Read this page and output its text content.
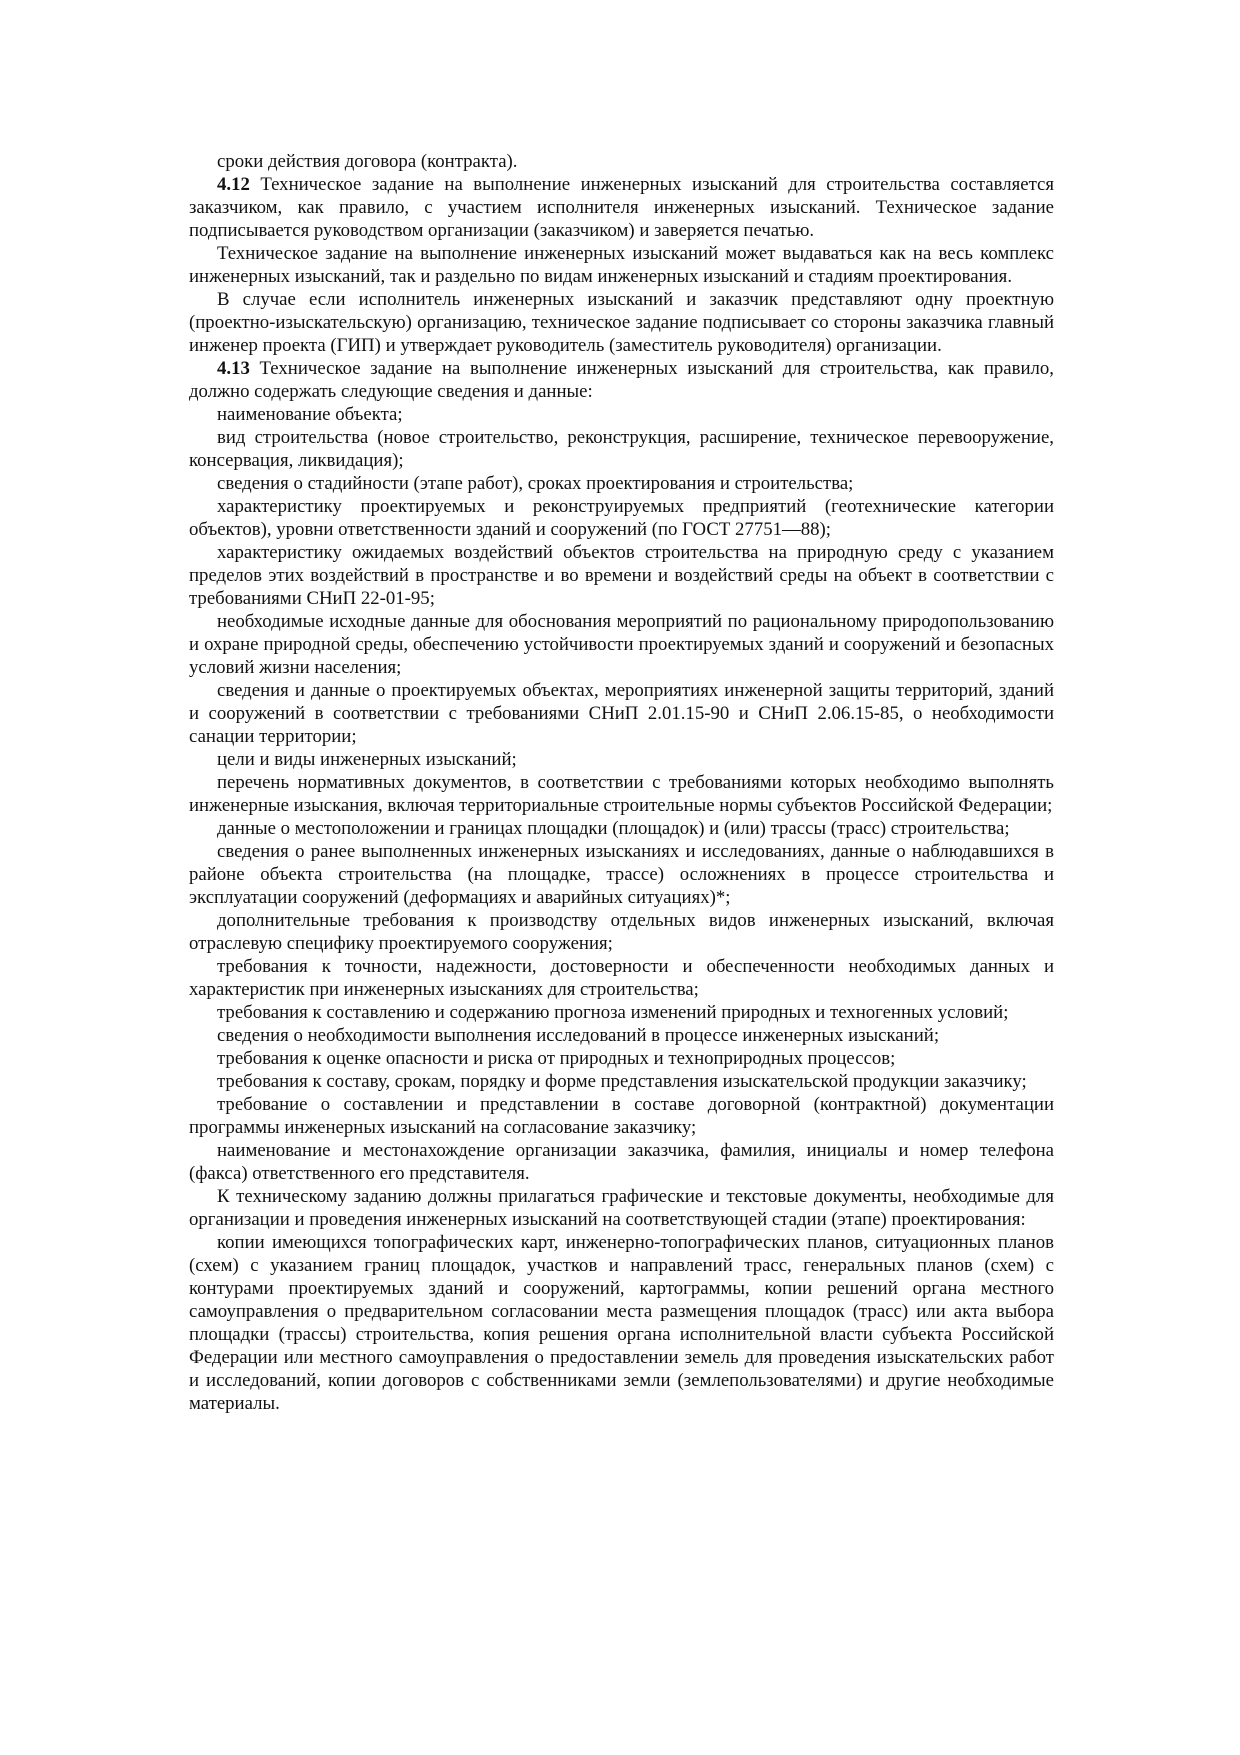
сроки действия договора (контракта).

4.12 Техническое задание на выполнение инженерных изысканий для строительства составляется заказчиком, как правило, с участием исполнителя инженерных изысканий. Техническое задание подписывается руководством организации (заказчиком) и заверяется печатью.

Техническое задание на выполнение инженерных изысканий может выдаваться как на весь комплекс инженерных изысканий, так и раздельно по видам инженерных изысканий и стадиям проектирования.

В случае если исполнитель инженерных изысканий и заказчик представляют одну проектную (проектно-изыскательскую) организацию, техническое задание подписывает со стороны заказчика главный инженер проекта (ГИП) и утверждает руководитель (заместитель руководителя) организации.

4.13 Техническое задание на выполнение инженерных изысканий для строительства, как правило, должно содержать следующие сведения и данные:

наименование объекта;

вид строительства (новое строительство, реконструкция, расширение, техническое перевооружение, консервация, ликвидация);

сведения о стадийности (этапе работ), сроках проектирования и строительства;

характеристику проектируемых и реконструируемых предприятий (геотехнические категории объектов), уровни ответственности зданий и сооружений (по ГОСТ 27751—88);

характеристику ожидаемых воздействий объектов строительства на природную среду с указанием пределов этих воздействий в пространстве и во времени и воздействий среды на объект в соответствии с требованиями СНиП 22-01-95;

необходимые исходные данные для обоснования мероприятий по рациональному природопользованию и охране природной среды, обеспечению устойчивости проектируемых зданий и сооружений и безопасных условий жизни населения;

сведения и данные о проектируемых объектах, мероприятиях инженерной защиты территорий, зданий и сооружений в соответствии с требованиями СНиП 2.01.15-90 и СНиП 2.06.15-85, о необходимости санации территории;

цели и виды инженерных изысканий;

перечень нормативных документов, в соответствии с требованиями которых необходимо выполнять инженерные изыскания, включая территориальные строительные нормы субъектов Российской Федерации;

данные о местоположении и границах площадки (площадок) и (или) трассы (трасс) строительства;

сведения о ранее выполненных инженерных изысканиях и исследованиях, данные о наблюдавшихся в районе объекта строительства (на площадке, трассе) осложнениях в процессе строительства и эксплуатации сооружений (деформациях и аварийных ситуациях)*;

дополнительные требования к производству отдельных видов инженерных изысканий, включая отраслевую специфику проектируемого сооружения;

требования к точности, надежности, достоверности и обеспеченности необходимых данных и характеристик при инженерных изысканиях для строительства;

требования к составлению и содержанию прогноза изменений природных и техногенных условий;

сведения о необходимости выполнения исследований в процессе инженерных изысканий;

требования к оценке опасности и риска от природных и техноприродных процессов;

требования к составу, срокам, порядку и форме представления изыскательской продукции заказчику;

требование о составлении и представлении в составе договорной (контрактной) документации программы инженерных изысканий на согласование заказчику;

наименование и местонахождение организации заказчика, фамилия, инициалы и номер телефона (факса) ответственного его представителя.

К техническому заданию должны прилагаться графические и текстовые документы, необходимые для организации и проведения инженерных изысканий на соответствующей стадии (этапе) проектирования:

копии имеющихся топографических карт, инженерно-топографических планов, ситуационных планов (схем) с указанием границ площадок, участков и направлений трасс, генеральных планов (схем) с контурами проектируемых зданий и сооружений, картограммы, копии решений органа местного самоуправления о предварительном согласовании места размещения площадок (трасс) или акта выбора площадки (трассы) строительства, копия решения органа исполнительной власти субъекта Российской Федерации или местного самоуправления о предоставлении земель для проведения изыскательских работ и исследований, копии договоров с собственниками земли (землепользователями) и другие необходимые материалы.
